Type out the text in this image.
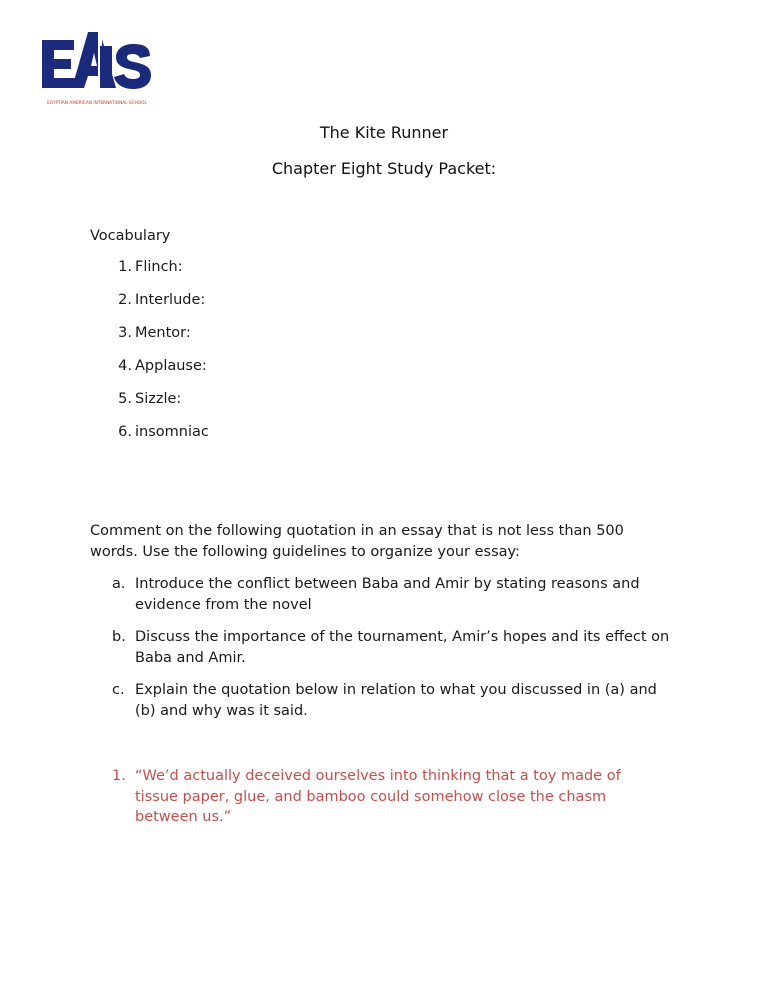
EGYPTIAN AMERICAN INTERNATIONAL SCHOOL
The Kite Runner
Chapter Eight Study Packet:
Vocabulary
1. Flinch:
2. Interlude:
3. Mentor:
4. Applause:
5. Sizzle:
6. insomniac
Comment on the following quotation in an essay that is not less than 500 words. Use the following guidelines to organize your essay:
a. Introduce the conflict between Baba and Amir by stating reasons and evidence from the novel
b. Discuss the importance of the tournament, Amir’s hopes and its effect on Baba and Amir.
c. Explain the quotation below in relation to what you discussed in (a) and (b) and why was it said.
1. “We’d actually deceived ourselves into thinking that a toy made of tissue paper, glue, and bamboo could somehow close the chasm between us.”
